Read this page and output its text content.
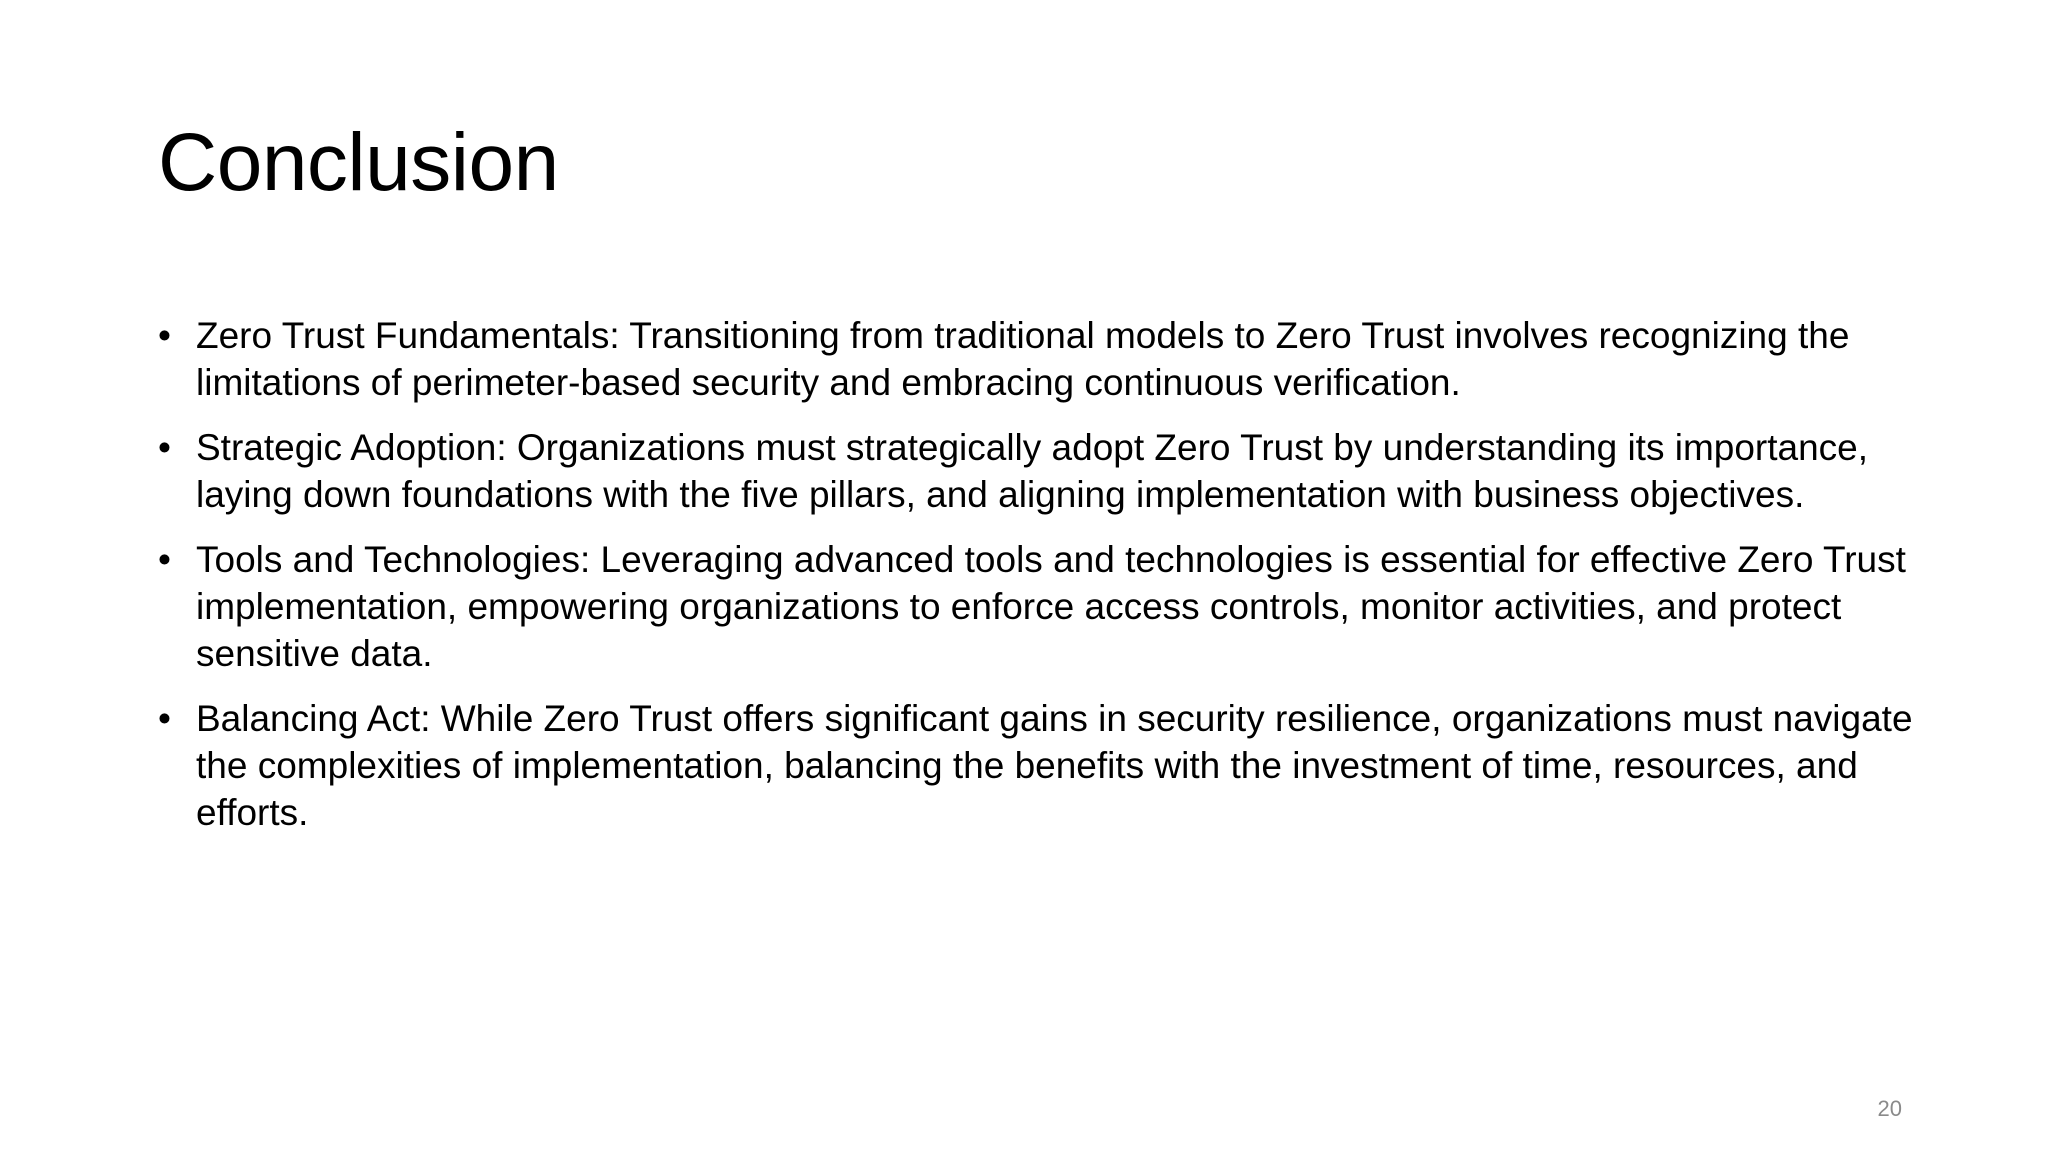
Conclusion
• Zero Trust Fundamentals: Transitioning from traditional models to Zero Trust involves recognizing the limitations of perimeter-based security and embracing continuous verification.
• Strategic Adoption: Organizations must strategically adopt Zero Trust by understanding its importance, laying down foundations with the five pillars, and aligning implementation with business objectives.
• Tools and Technologies: Leveraging advanced tools and technologies is essential for effective Zero Trust implementation, empowering organizations to enforce access controls, monitor activities, and protect sensitive data.
• Balancing Act: While Zero Trust offers significant gains in security resilience, organizations must navigate the complexities of implementation, balancing the benefits with the investment of time, resources, and efforts.
20
